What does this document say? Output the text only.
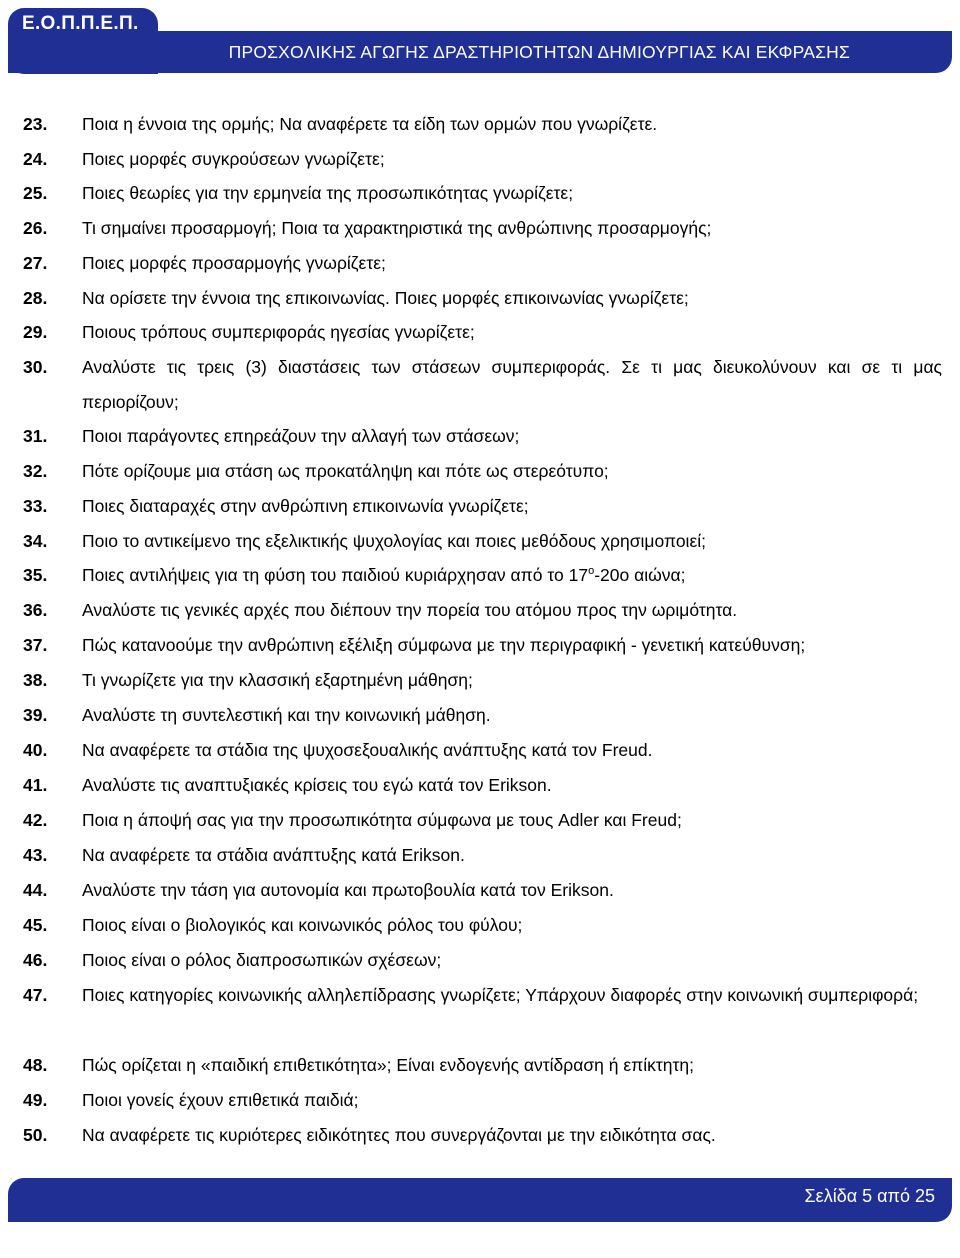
Ε.Ο.Π.Π.Ε.Π.
ΠΡΟΣΧΟΛΙΚΗΣ ΑΓΩΓΗΣ ΔΡΑΣΤΗΡΙΟΤΗΤΩΝ ΔΗΜΙΟΥΡΓΙΑΣ ΚΑΙ ΕΚΦΡΑΣΗΣ
23. Ποια η έννοια της ορμής; Να αναφέρετε τα είδη των ορμών που γνωρίζετε.
24. Ποιες μορφές συγκρούσεων γνωρίζετε;
25. Ποιες θεωρίες για την ερμηνεία της προσωπικότητας γνωρίζετε;
26. Τι σημαίνει προσαρμογή; Ποια τα χαρακτηριστικά της ανθρώπινης προσαρμογής;
27. Ποιες μορφές προσαρμογής γνωρίζετε;
28. Να ορίσετε την έννοια της επικοινωνίας. Ποιες μορφές επικοινωνίας γνωρίζετε;
29. Ποιους τρόπους συμπεριφοράς ηγεσίας γνωρίζετε;
30. Αναλύστε τις τρεις (3) διαστάσεις των στάσεων συμπεριφοράς. Σε τι μας διευκολύνουν και σε τι μας περιορίζουν;
31. Ποιοι παράγοντες επηρεάζουν την αλλαγή των στάσεων;
32. Πότε ορίζουμε μια στάση ως προκατάληψη και πότε ως στερεότυπο;
33. Ποιες διαταραχές στην ανθρώπινη επικοινωνία γνωρίζετε;
34. Ποιο το αντικείμενο της εξελικτικής ψυχολογίας και ποιες μεθόδους χρησιμοποιεί;
35. Ποιες αντιλήψεις για τη φύση του παιδιού κυριάρχησαν από το $17^o-20o$ αιώνα;
36. Αναλύστε τις γενικές αρχές που διέπουν την πορεία του ατόμου προς την ωριμότητα.
37. Πώς κατανοούμε την ανθρώπινη εξέλιξη σύμφωνα με την περιγραφική - γενετική κατεύθυνση;
38. Τι γνωρίζετε για την κλασσική εξαρτημένη μάθηση;
39. Αναλύστε τη συντελεστική και την κοινωνική μάθηση.
40. Να αναφέρετε τα στάδια της ψυχοσεξουαλικής ανάπτυξης κατά τον Freud.
41. Αναλύστε τις αναπτυξιακές κρίσεις του εγώ κατά τον Erikson.
42. Ποια η άποψή σας για την προσωπικότητα σύμφωνα με τους Adler και Freud;
43. Να αναφέρετε τα στάδια ανάπτυξης κατά Erikson.
44. Αναλύστε την τάση για αυτονομία και πρωτοβουλία κατά τον Erikson.
45. Ποιος είναι ο βιολογικός και κοινωνικός ρόλος του φύλου;
46. Ποιος είναι ο ρόλος διαπροσωπικών σχέσεων;
47. Ποιες κατηγορίες κοινωνικής αλληλεπίδρασης γνωρίζετε; Υπάρχουν διαφορές στην κοινωνική συμπεριφορά;
48. Πώς ορίζεται η «παιδική επιθετικότητα»; Είναι ενδογενής αντίδραση ή επίκτητη;
49. Ποιοι γονείς έχουν επιθετικά παιδιά;
50. Να αναφέρετε τις κυριότερες ειδικότητες που συνεργάζονται με την ειδικότητα σας.
Σελίδα 5 από 25
